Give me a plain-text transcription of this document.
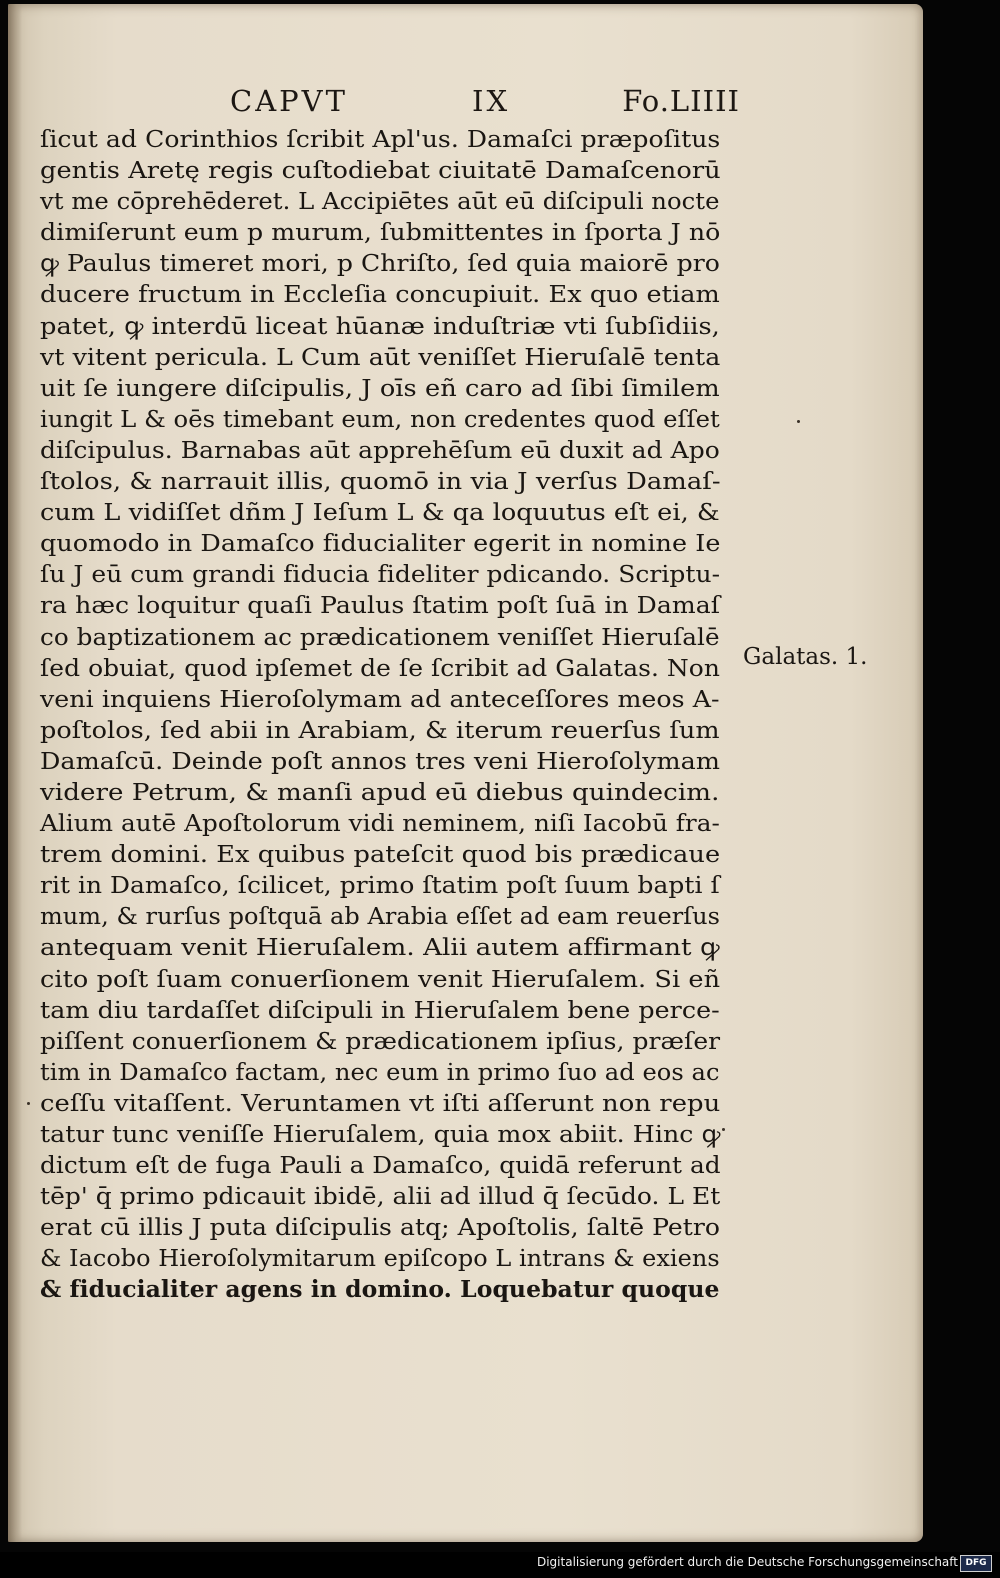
CAPVT	IX	Fo.LIIII
ſicut ad Corinthios ſcribit Apl'us. Damaſci præpoſitus
gentis Aretę regis cuſtodiebat ciuitatē Damaſcenorū
vt me cōprehēderet. L Accipiētes aūt eū diſcipuli nocte
dimiſerunt eum p murum, ſubmittentes in ſporta J nō
ꝙ Paulus timeret mori, p Chriſto, ſed quia maiorē pro
ducere fructum in Eccleſia concupiuit. Ex quo etiam
patet, ꝙ interdū liceat hūanæ induſtriæ vti ſubſidiis,
vt vitent pericula. L Cum aūt veniſſet Hieruſalē tenta
uit ſe iungere diſcipulis, J oīs eñ caro ad ſibi ſimilem
iungit L & oēs timebant eum, non credentes quod eſſet
diſcipulus. Barnabas aūt apprehēſum eū duxit ad Apo
ſtolos, & narrauit illis, quomō in via J verſus Damaſ-
cum L vidiſſet dñm J Ieſum L & qa loquutus eſt ei, &
quomodo in Damaſco fiducialiter egerit in nomine Ie
ſu J eū cum grandi fiducia fideliter pdicando. Scriptu-
ra hæc loquitur quaſi Paulus ſtatim poſt ſuā in Damaſ
co baptizationem ac prædicationem veniſſet Hieruſalē
ſed obuiat, quod ipſemet de ſe ſcribit ad Galatas. Non
veni inquiens Hieroſolymam ad anteceſſores meos A-
poſtolos, ſed abii in Arabiam, & iterum reuerſus ſum
Damaſcū. Deinde poſt annos tres veni Hieroſolymam
videre Petrum, & manſi apud eū diebus quindecim.
Alium autē Apoſtolorum vidi neminem, niſi Iacobū fra-
trem domini. Ex quibus pateſcit quod bis prædicaue
rit in Damaſco, ſcilicet, primo ſtatim poſt ſuum bapti ſ
mum, & rurſus poſtquā ab Arabia eſſet ad eam reuerſus
antequam venit Hieruſalem. Alii autem affirmant ꝙ
cito poſt ſuam conuerſionem venit Hieruſalem. Si eñ
tam diu tardaſſet diſcipuli in Hieruſalem bene perce-
piſſent conuerſionem & prædicationem ipſius, præſer
tim in Damaſco factam, nec eum in primo ſuo ad eos ac
ceſſu vitaſſent. Veruntamen vt iſti aſſerunt non repu
tatur tunc veniſſe Hieruſalem, quia mox abiit. Hinc ꝙ
dictum eſt de fuga Pauli a Damaſco, quidā referunt ad
tēp' q̄ primo pdicauit ibidē, alii ad illud q̄ ſecūdo. L Et
erat cū illis J puta diſcipulis atq; Apoſtolis, ſaltē Petro
& Iacobo Hieroſolymitarum epiſcopo L intrans & exiens
& fiducialiter agens in domino. Loquebatur quoque
Galatas. 1.
Digitalisierung gefördert durch die Deutsche Forschungsgemeinschaft DFG
